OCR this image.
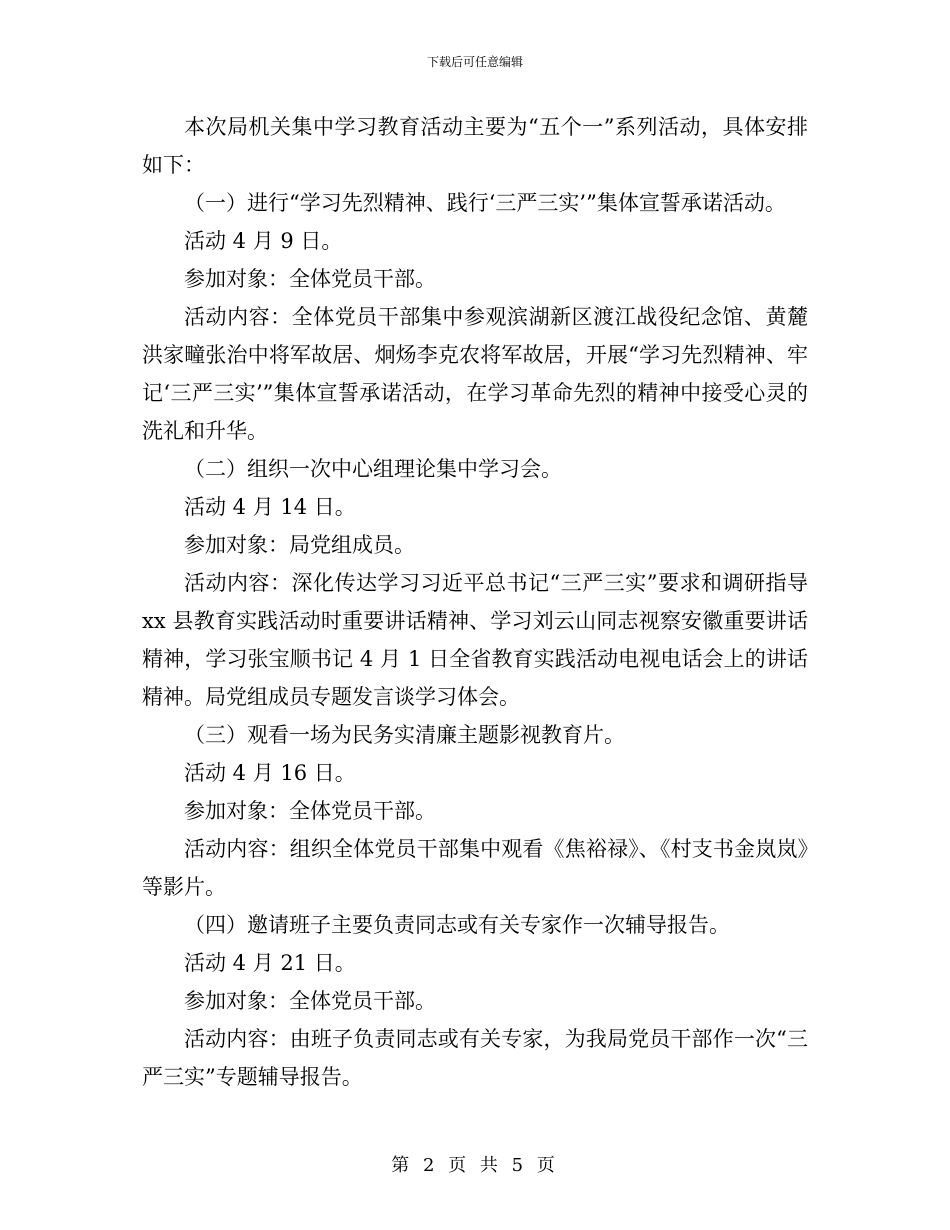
下载后可任意编辑

本次局机关集中学习教育活动主要为“五个一”系列活动，具体安排如下：

（一）进行“学习先烈精神、践行‘三严三实’”集体宣誓承诺活动。

活动 4 月 9 日。

参加对象：全体党员干部。

活动内容：全体党员干部集中参观滨湖新区渡江战役纪念馆、黄麓洪家疃张治中将军故居、炯炀李克农将军故居，开展“学习先烈精神、牢记‘三严三实’”集体宣誓承诺活动，在学习革命先烈的精神中接受心灵的洗礼和升华。

（二）组织一次中心组理论集中学习会。

活动 4 月 14 日。

参加对象：局党组成员。

活动内容：深化传达学习习近平总书记“三严三实”要求和调研指导 xx 县教育实践活动时重要讲话精神、学习刘云山同志视察安徽重要讲话精神，学习张宝顺书记 4 月 1 日全省教育实践活动电视电话会上的讲话精神。局党组成员专题发言谈学习体会。

（三）观看一场为民务实清廉主题影视教育片。

活动 4 月 16 日。

参加对象：全体党员干部。

活动内容：组织全体党员干部集中观看《焦裕禄》、《村支书金岚岚》等影片。

（四）邀请班子主要负责同志或有关专家作一次辅导报告。

活动 4 月 21 日。

参加对象：全体党员干部。

活动内容：由班子负责同志或有关专家，为我局党员干部作一次“三严三实”专题辅导报告。

第 2 页 共 5 页
